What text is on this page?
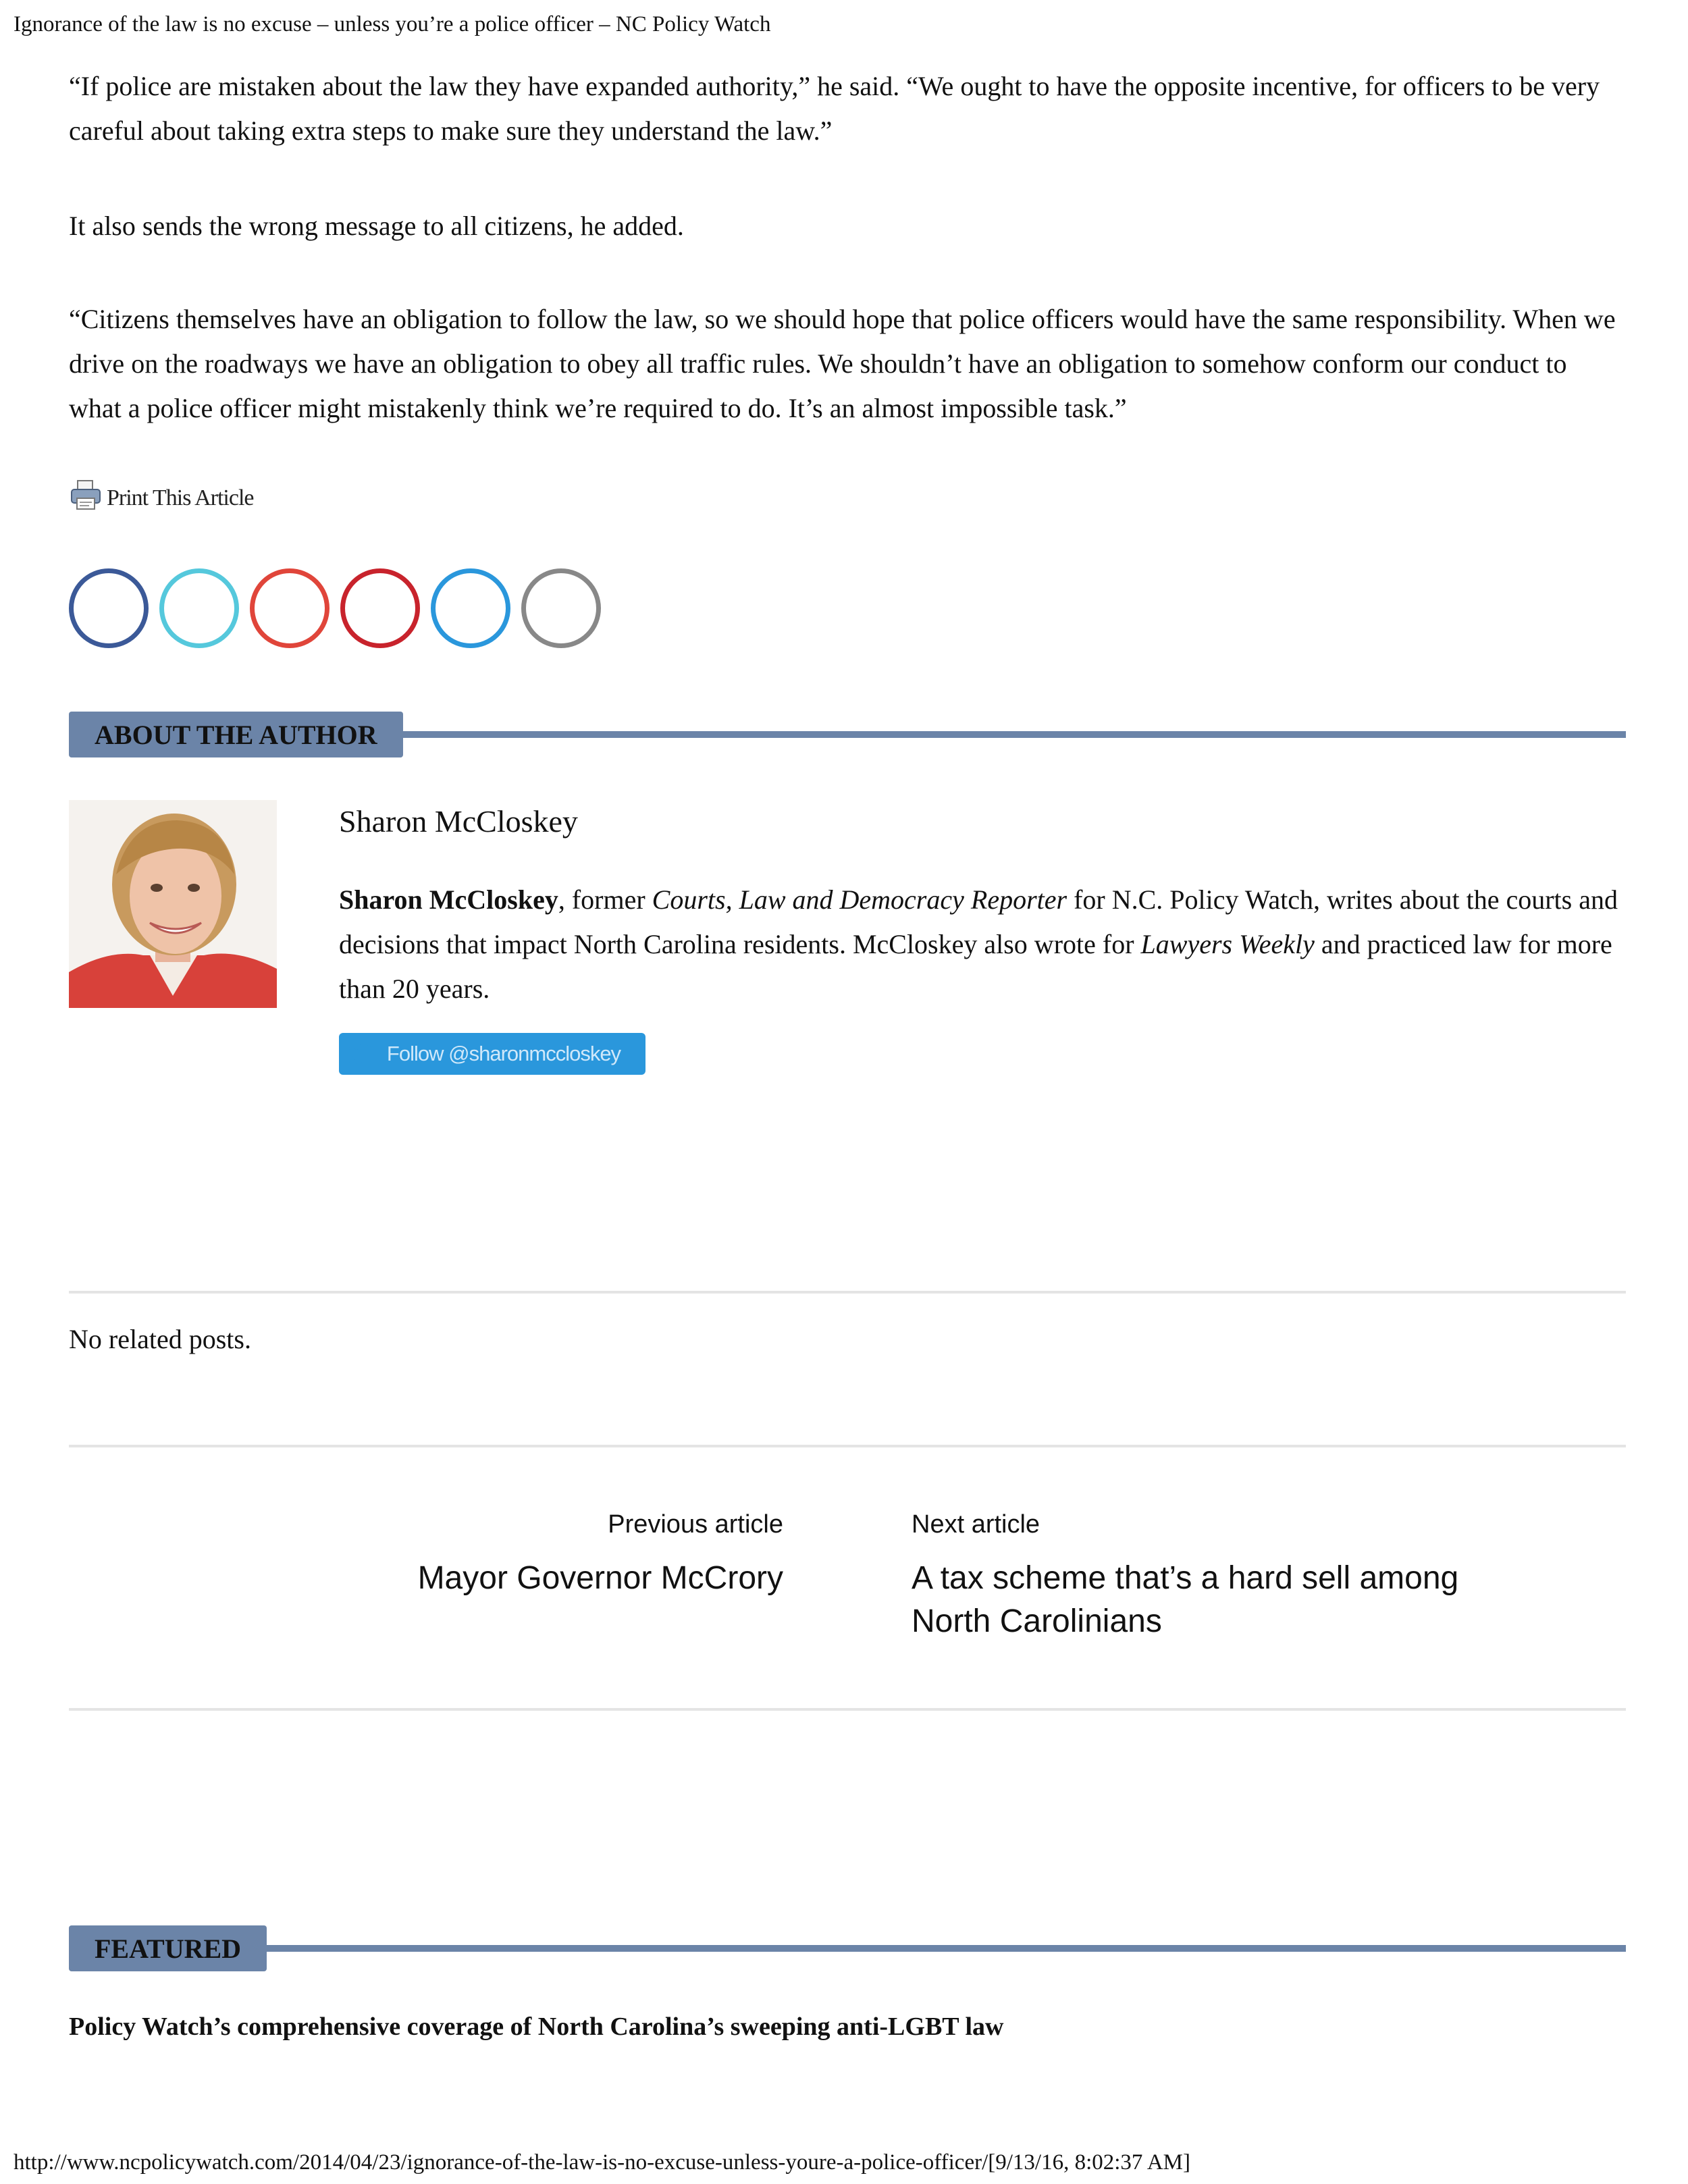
Ignorance of the law is no excuse – unless you’re a police officer – NC Policy Watch

“If police are mistaken about the law they have expanded authority,” he said. “We ought to have the opposite incentive, for officers to be very careful about taking extra steps to make sure they understand the law.”

It also sends the wrong message to all citizens, he added.

“Citizens themselves have an obligation to follow the law, so we should hope that police officers would have the same responsibility. When we drive on the roadways we have an obligation to obey all traffic rules. We shouldn’t have an obligation to somehow conform our conduct to what a police officer might mistakenly think we’re required to do. It’s an almost impossible task.”

Print This Article
ABOUT THE AUTHOR
Sharon McCloskey
Sharon McCloskey, former Courts, Law and Democracy Reporter for N.C. Policy Watch, writes about the courts and decisions that impact North Carolina residents. McCloskey also wrote for Lawyers Weekly and practiced law for more than 20 years.
Follow @sharonmccloskey
No related posts.
Previous article
Mayor Governor McCrory
Next article
A tax scheme that’s a hard sell among North Carolinians
FEATURED
Policy Watch’s comprehensive coverage of North Carolina’s sweeping anti-LGBT law
http://www.ncpolicywatch.com/2014/04/23/ignorance-of-the-law-is-no-excuse-unless-youre-a-police-officer/[9/13/16, 8:02:37 AM]
